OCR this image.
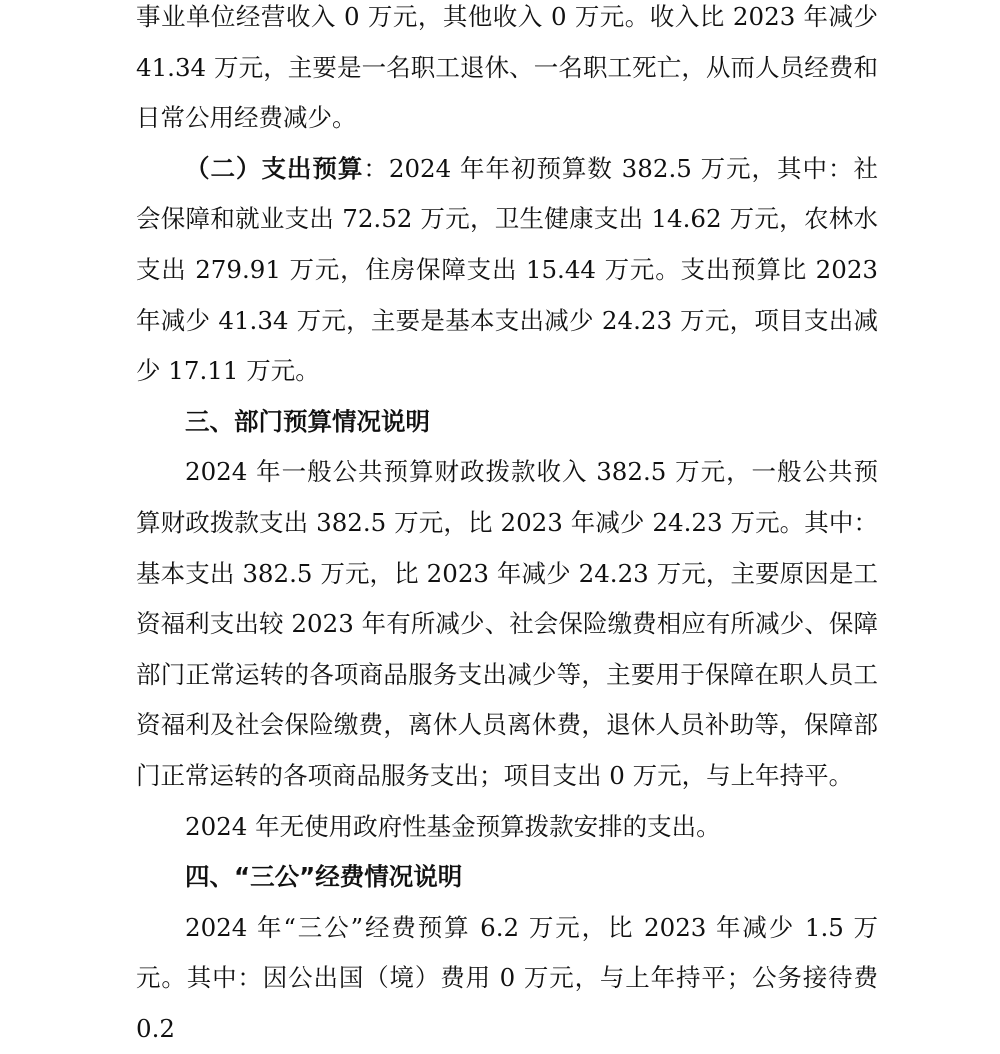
事业单位经营收入 0 万元，其他收入 0 万元。收入比 2023 年减少 41.34 万元，主要是一名职工退休、一名职工死亡，从而人员经费和日常公用经费减少。

（二）支出预算：2024 年年初预算数 382.5 万元，其中：社会保障和就业支出 72.52 万元，卫生健康支出 14.62 万元，农林水支出 279.91 万元，住房保障支出 15.44 万元。支出预算比 2023 年减少 41.34 万元，主要是基本支出减少 24.23 万元，项目支出减少 17.11 万元。

三、部门预算情况说明

2024 年一般公共预算财政拨款收入 382.5 万元，一般公共预算财政拨款支出 382.5 万元，比 2023 年减少 24.23 万元。其中：基本支出 382.5 万元，比 2023 年减少 24.23 万元，主要原因是工资福利支出较 2023 年有所减少、社会保险缴费相应有所减少、保障部门正常运转的各项商品服务支出减少等，主要用于保障在职人员工资福利及社会保险缴费，离休人员离休费，退休人员补助等，保障部门正常运转的各项商品服务支出；项目支出 0 万元，与上年持平。

2024 年无使用政府性基金预算拨款安排的支出。

四、“三公”经费情况说明

2024 年“三公”经费预算 6.2 万元，比 2023 年减少 1.5 万元。其中：因公出国（境）费用 0 万元，与上年持平；公务接待费 0.2
